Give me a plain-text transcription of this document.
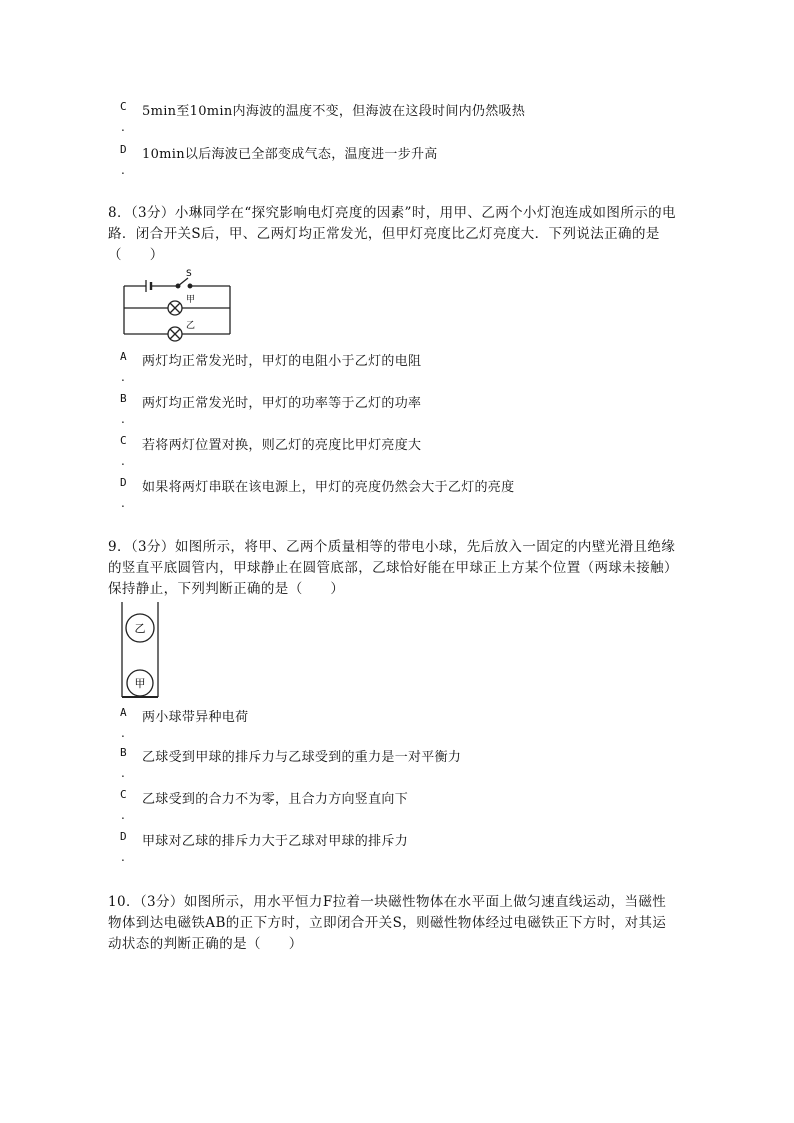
C
.
5min至10min内海波的温度不变，但海波在这段时间内仍然吸热
D
.
10min以后海波已全部变成气态，温度进一步升高
8．（3分）小琳同学在“探究影响电灯亮度的因素”时，用甲、乙两个小灯泡连成如图所示的电路．闭合开关S后，甲、乙两灯均正常发光，但甲灯亮度比乙灯亮度大．下列说法正确的是（　　）
S
甲
乙
A
.
两灯均正常发光时，甲灯的电阻小于乙灯的电阻
B
.
两灯均正常发光时，甲灯的功率等于乙灯的功率
C
.
若将两灯位置对换，则乙灯的亮度比甲灯亮度大
D
.
如果将两灯串联在该电源上，甲灯的亮度仍然会大于乙灯的亮度
9．（3分）如图所示，将甲、乙两个质量相等的带电小球，先后放入一固定的内壁光滑且绝缘的竖直平底圆管内，甲球静止在圆管底部，乙球恰好能在甲球正上方某个位置（两球未接触）保持静止，下列判断正确的是（　　）
乙
甲
A
.
两小球带异种电荷
B
.
乙球受到甲球的排斥力与乙球受到的重力是一对平衡力
C
.
乙球受到的合力不为零，且合力方向竖直向下
D
.
甲球对乙球的排斥力大于乙球对甲球的排斥力
10．（3分）如图所示，用水平恒力F拉着一块磁性物体在水平面上做匀速直线运动，当磁性物体到达电磁铁AB的正下方时，立即闭合开关S，则磁性物体经过电磁铁正下方时，对其运动状态的判断正确的是（　　）
